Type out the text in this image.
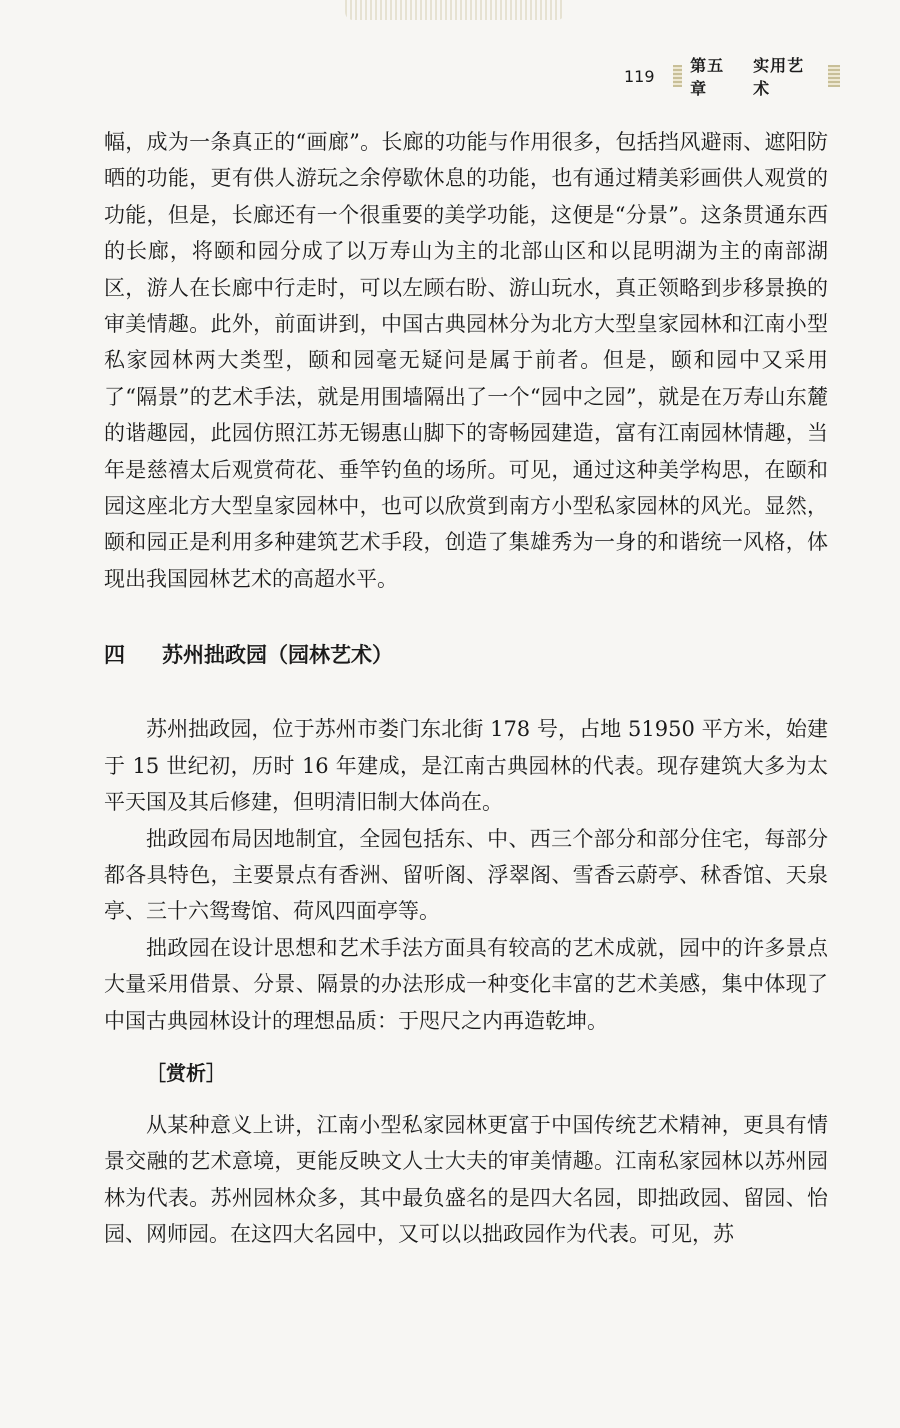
119
第五章
实用艺术

幅，成为一条真正的“画廊”。长廊的功能与作用很多，包括挡风避雨、遮阳防晒的功能，更有供人游玩之余停歇休息的功能，也有通过精美彩画供人观赏的功能，但是，长廊还有一个很重要的美学功能，这便是“分景”。这条贯通东西的长廊，将颐和园分成了以万寿山为主的北部山区和以昆明湖为主的南部湖区，游人在长廊中行走时，可以左顾右盼、游山玩水，真正领略到步移景换的审美情趣。此外，前面讲到，中国古典园林分为北方大型皇家园林和江南小型私家园林两大类型，颐和园毫无疑问是属于前者。但是，颐和园中又采用了“隔景”的艺术手法，就是用围墙隔出了一个“园中之园”，就是在万寿山东麓的谐趣园，此园仿照江苏无锡惠山脚下的寄畅园建造，富有江南园林情趣，当年是慈禧太后观赏荷花、垂竿钓鱼的场所。可见，通过这种美学构思，在颐和园这座北方大型皇家园林中，也可以欣赏到南方小型私家园林的风光。显然，颐和园正是利用多种建筑艺术手段，创造了集雄秀为一身的和谐统一风格，体现出我国园林艺术的高超水平。

四	苏州拙政园（园林艺术）

苏州拙政园，位于苏州市娄门东北街 178 号，占地 51950 平方米，始建于 15 世纪初，历时 16 年建成，是江南古典园林的代表。现存建筑大多为太平天国及其后修建，但明清旧制大体尚在。

拙政园布局因地制宜，全园包括东、中、西三个部分和部分住宅，每部分都各具特色，主要景点有香洲、留听阁、浮翠阁、雪香云蔚亭、秫香馆、天泉亭、三十六鸳鸯馆、荷风四面亭等。

拙政园在设计思想和艺术手法方面具有较高的艺术成就，园中的许多景点大量采用借景、分景、隔景的办法形成一种变化丰富的艺术美感，集中体现了中国古典园林设计的理想品质：于咫尺之内再造乾坤。

［赏析］

从某种意义上讲，江南小型私家园林更富于中国传统艺术精神，更具有情景交融的艺术意境，更能反映文人士大夫的审美情趣。江南私家园林以苏州园林为代表。苏州园林众多，其中最负盛名的是四大名园，即拙政园、留园、怡园、网师园。在这四大名园中，又可以以拙政园作为代表。可见，苏
